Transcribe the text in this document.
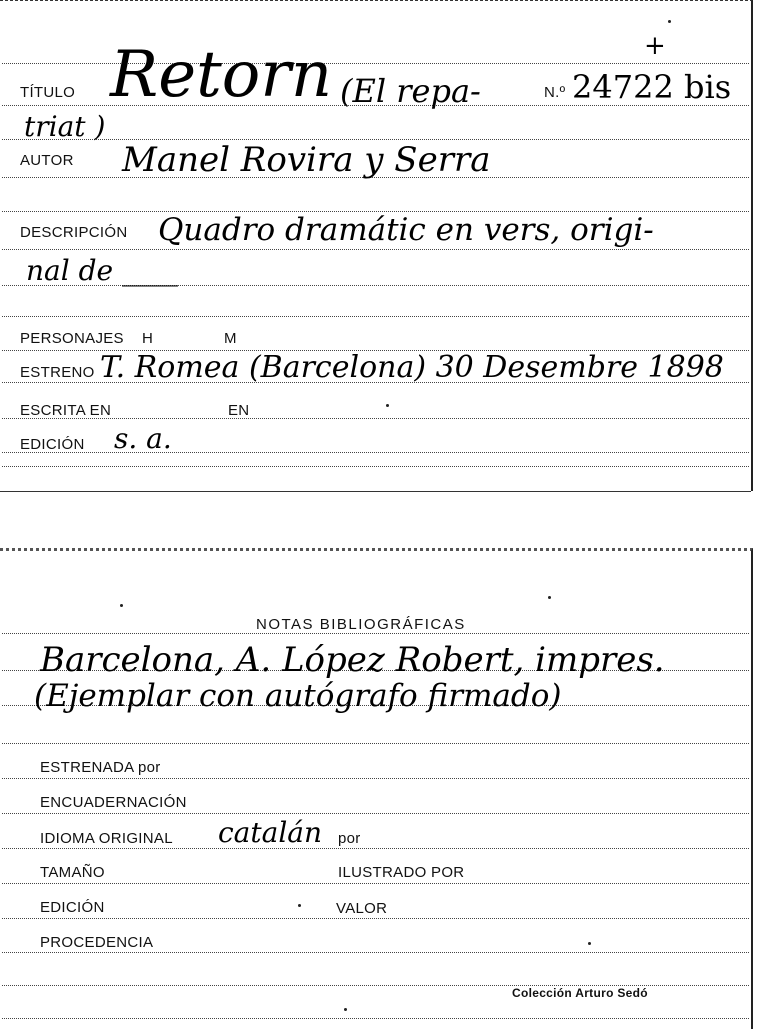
+
TÍTULO Retorn (El repa-	N.º 24722 bis
triat )
AUTOR Manel Rovira y Serra
DESCRIPCIÓN Quadro dramátic en vers, origi-
nal de ____
PERSONAJES H	M
ESTRENO T. Romea (Barcelona) 30 Desembre 1898
ESCRITA EN	EN
EDICIÓN s. a.
NOTAS BIBLIOGRÁFICAS
Barcelona, A. López Robert, impres.
(Ejemplar con autógrafo firmado)
ESTRENADA por
ENCUADERNACIÓN
IDIOMA ORIGINAL catalán por
TAMAÑO	ILUSTRADO POR
EDICIÓN	VALOR
PROCEDENCIA
Colección Arturo Sedó
